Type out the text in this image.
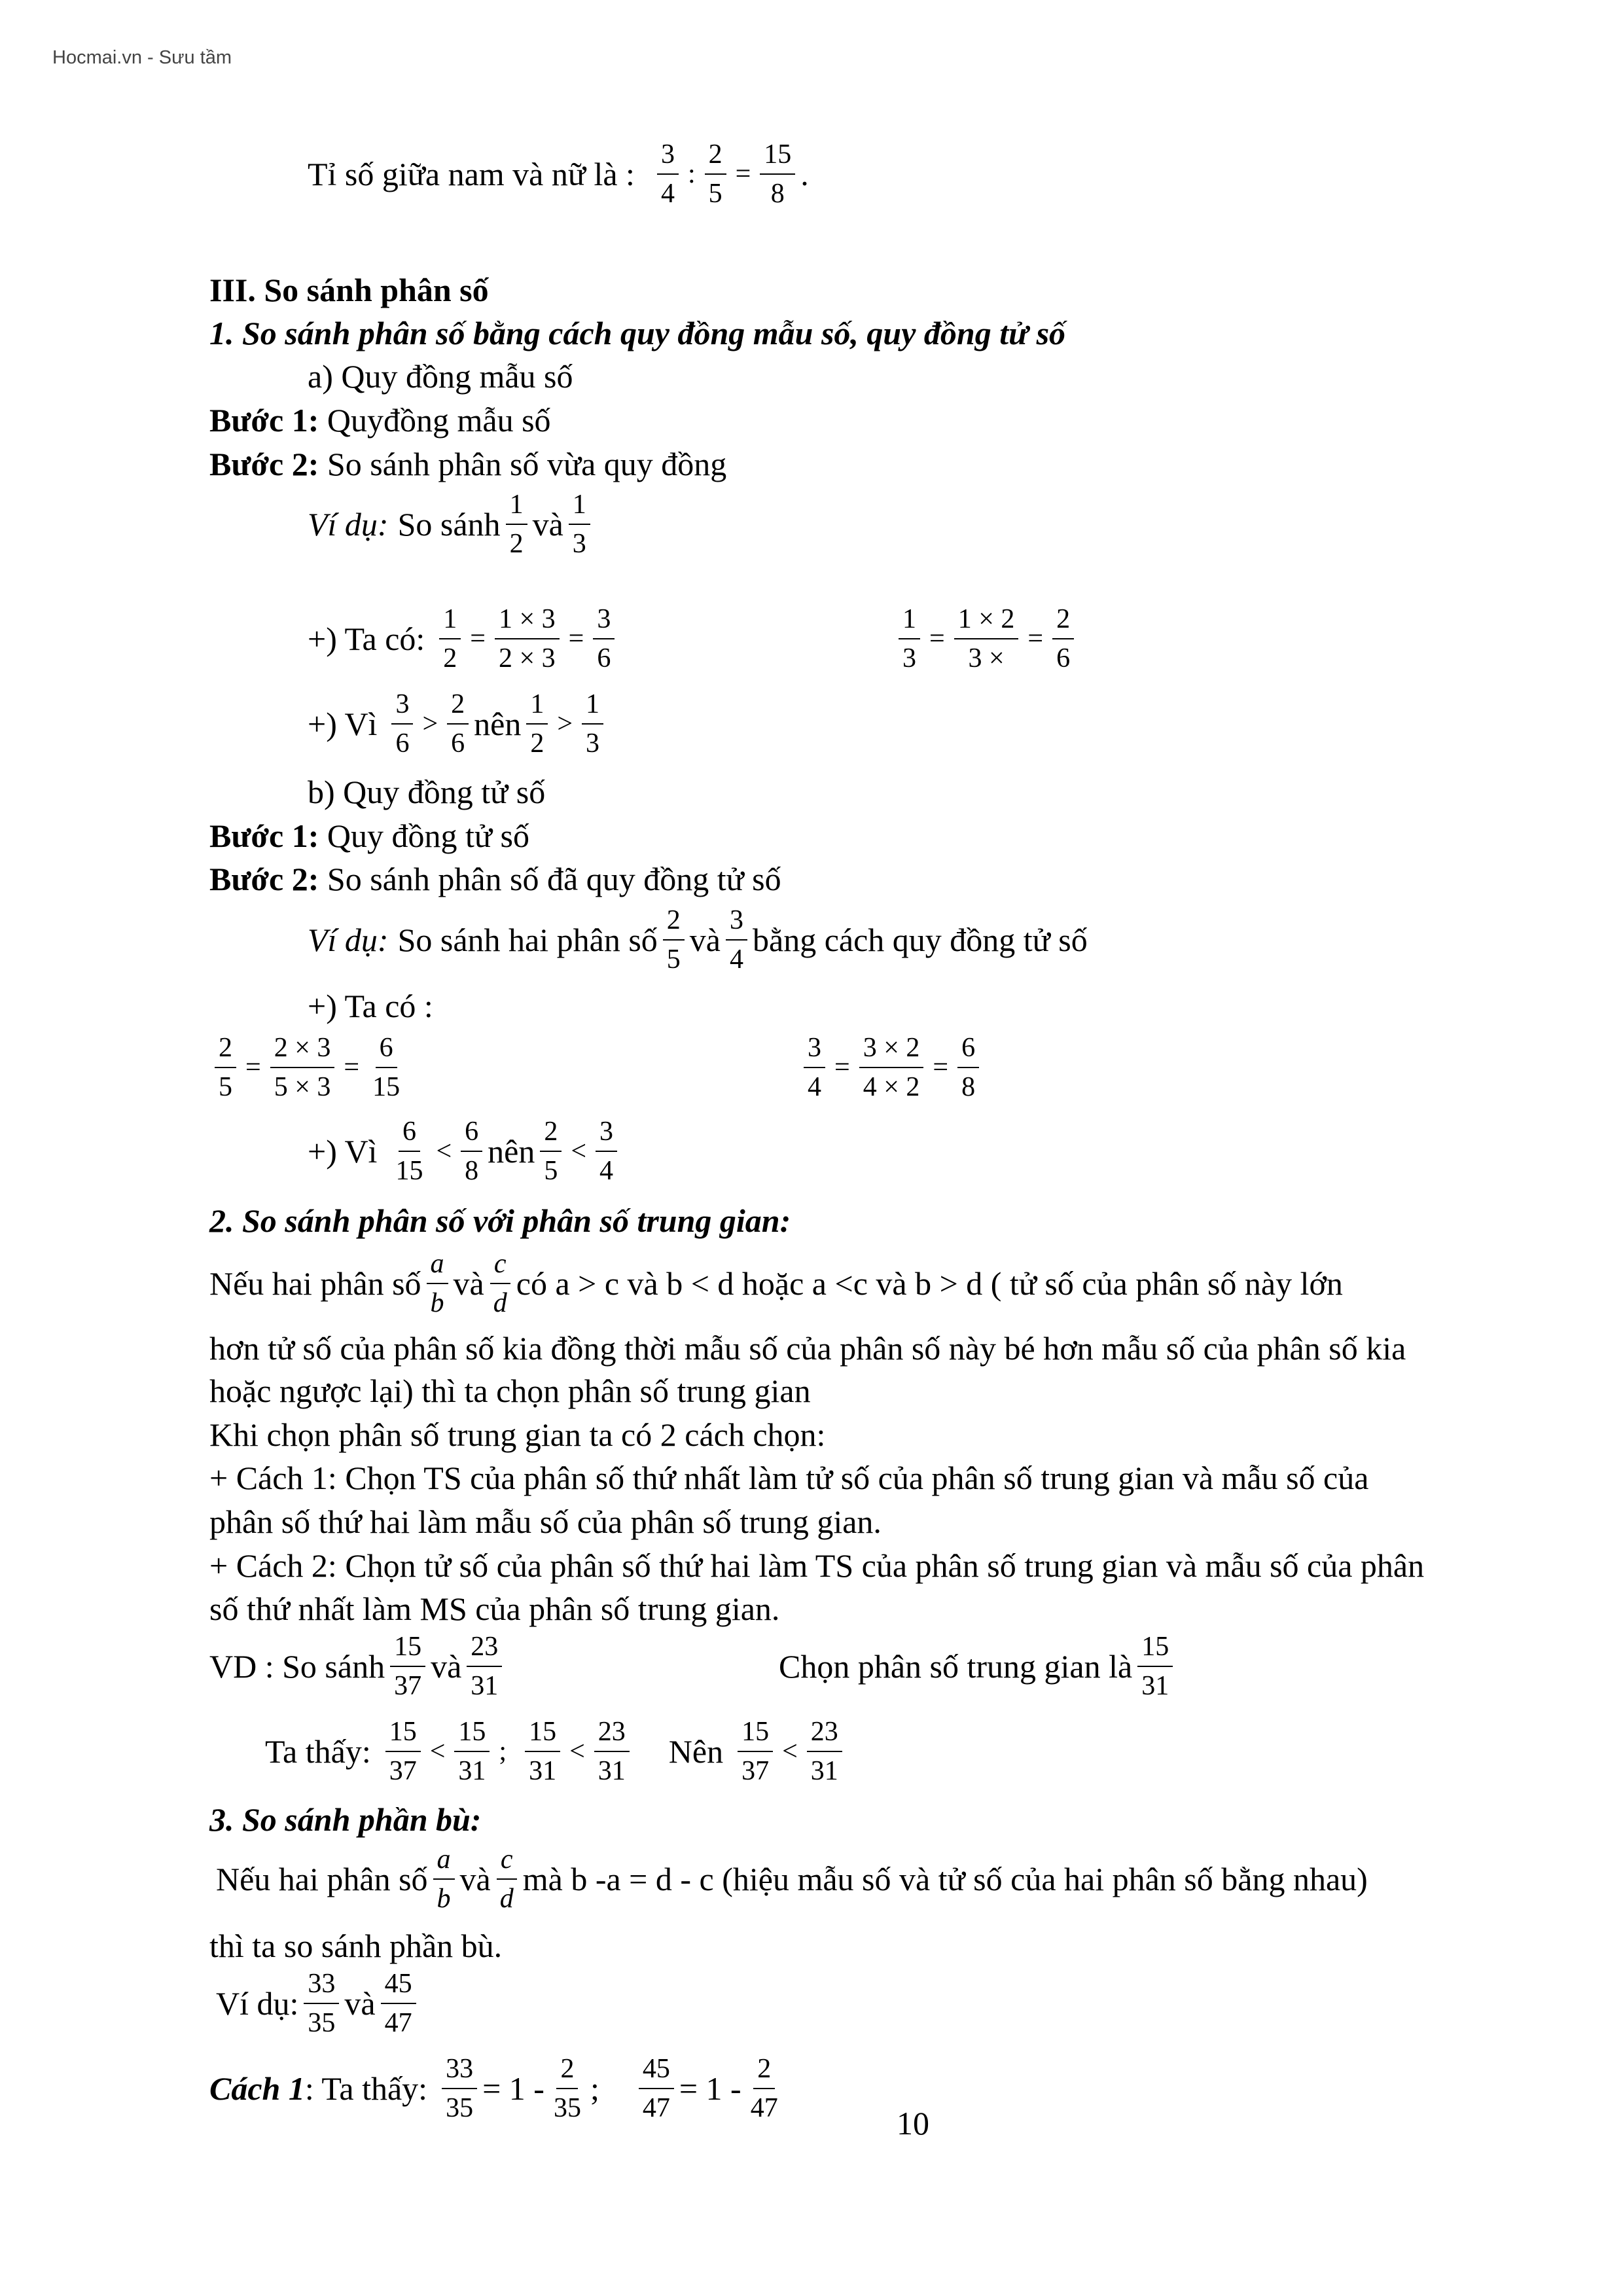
Hocmai.vn - Sưu tầm
Tỉ số giữa nam và nữ là :
3
4
: $\frac{2}{5} = \frac{15}{8}$ .
III. So sánh phân số
1. So sánh phân số bằng cách quy đồng mẫu số, quy đồng tử số
a) Quy đồng mẫu số
Bước 1: Quyđồng mẫu số
Bước 2: So sánh phân số vừa quy đồng
Ví dụ: So sánh
1
2
và
1
3
+) Ta có: $\frac{1}{2} = \frac{1 \times 3}{2 \times 3} = \frac{3}{6}$	$\frac{1}{3} = \frac{1 \times 2}{3 \times} = \frac{2}{6}$
+) Vì
3
6
>
2
6
nên
1
2
>
1
3
b) Quy đồng tử số
Bước 1: Quy đồng tử số
Bước 2: So sánh phân số đã quy đồng tử số
Ví dụ: So sánh hai phân số
2
5
và
3
4
bằng cách quy đồng tử số
+) Ta có :
$\frac{2}{5} = \frac{2 \times 3}{5 \times 3} = \frac{6}{15}$	$\frac{3}{4} = \frac{3 \times 2}{4 \times 2} = \frac{6}{8}$
+) Vì
6
15
<
6
8
nên
2
5
<
3
4
2. So sánh phân số với phân số trung gian:
Nếu hai phân số
a
b
và
c
d
có a > c và b < d hoặc a <c và b > d ( tử số của phân số này lớn
hơn tử số của phân số kia đồng thời mẫu số của phân số này bé hơn mẫu số của phân số kia
hoặc ngược lại) thì ta chọn phân số trung gian
Khi chọn phân số trung gian ta có 2 cách chọn:
+ Cách 1: Chọn TS của phân số thứ nhất làm tử số của phân số trung gian và mẫu số của
phân số thứ hai làm mẫu số của phân số trung gian.
+ Cách 2: Chọn tử số của phân số thứ hai làm TS của phân số trung gian và mẫu số của phân
số thứ nhất làm MS của phân số trung gian.
VD : So sánh
15
37
và
23
31
Chọn phân số trung gian là
15
31
Ta thấy:
15
37
<
15
31
;
15
31
<
23
31
Nên
15
37
<
23
31
3. So sánh phần bù:
Nếu hai phân số
a
b
và
c
d
mà b -a = d - c (hiệu mẫu số và tử số của hai phân số bằng nhau)
thì ta so sánh phần bù.
Ví dụ:
33
35
và
45
47
Cách 1 : Ta thấy: $\frac{33}{35} = 1$ -
2
35
; $\frac{45}{47} = 1$ -
2
47	10
